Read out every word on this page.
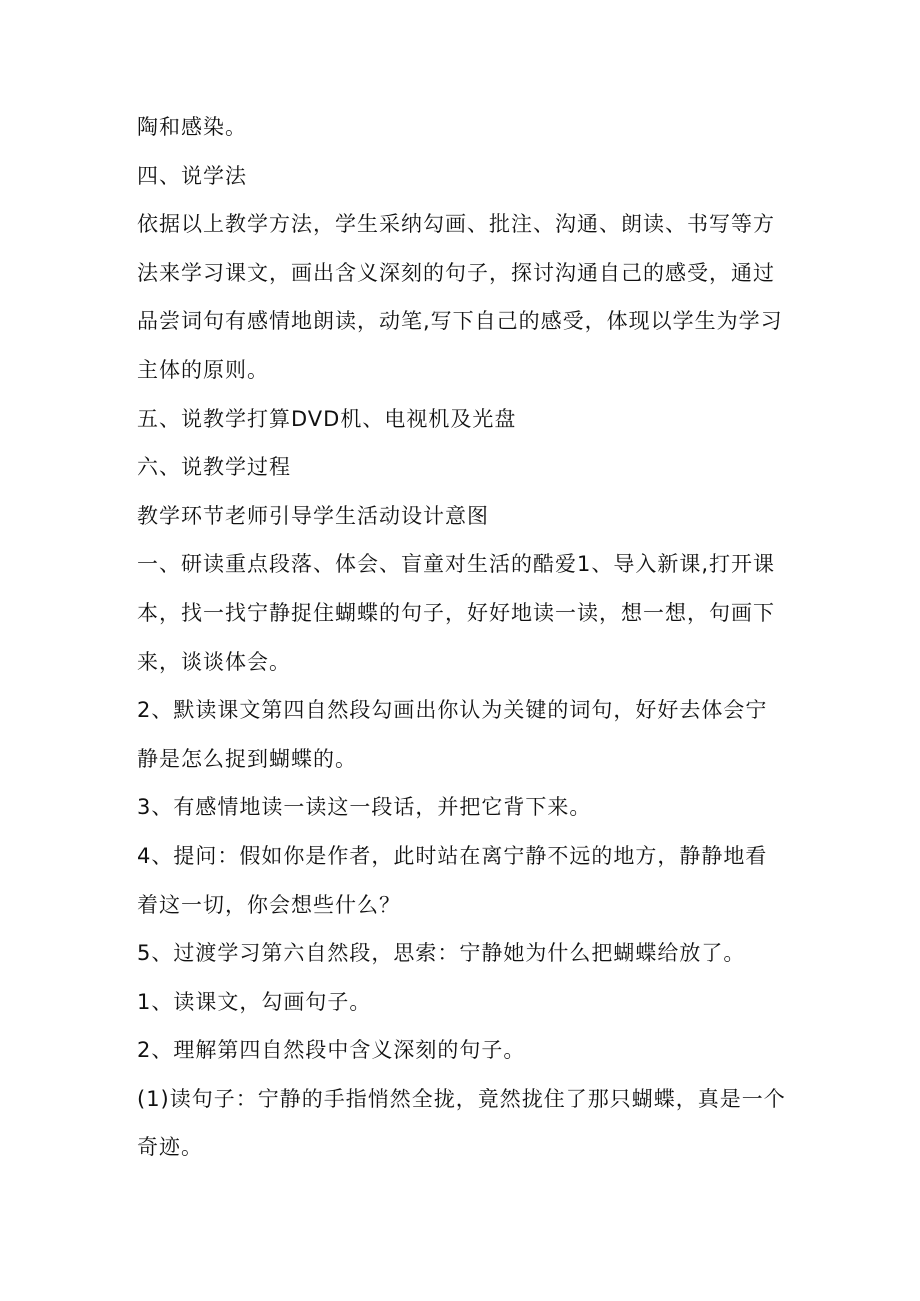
陶和感染。

四、说学法

依据以上教学方法，学生采纳勾画、批注、沟通、朗读、书写等方法来学习课文，画出含义深刻的句子，探讨沟通自己的感受，通过品尝词句有感情地朗读，动笔,写下自己的感受，体现以学生为学习主体的原则。

五、说教学打算DVD机、电视机及光盘

六、说教学过程

教学环节老师引导学生活动设计意图

一、研读重点段落、体会、盲童对生活的酷爱1、导入新课,打开课本，找一找宁静捉住蝴蝶的句子，好好地读一读，想一想，句画下来，谈谈体会。

2、默读课文第四自然段勾画出你认为关键的词句，好好去体会宁静是怎么捉到蝴蝶的。

3、有感情地读一读这一段话，并把它背下来。

4、提问：假如你是作者，此时站在离宁静不远的地方，静静地看着这一切，你会想些什么？

5、过渡学习第六自然段，思索：宁静她为什么把蝴蝶给放了。

1、读课文，勾画句子。

2、理解第四自然段中含义深刻的句子。

(1)读句子：宁静的手指悄然全拢，竟然拢住了那只蝴蝶，真是一个奇迹。
